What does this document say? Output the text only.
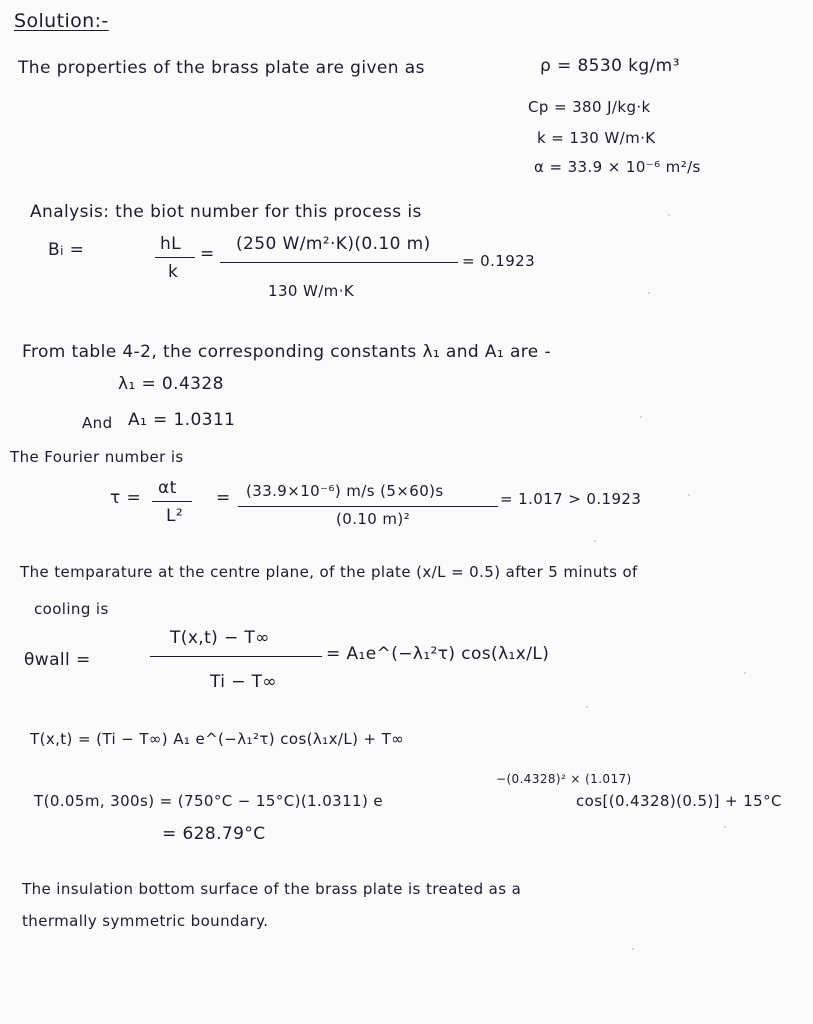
Solution:-
The properties of the brass plate are given as	ρ = 8530 kg/m³
Cp = 380 J/kg·k
k = 130 W/m·K
α = 33.9 × 10⁻⁶ m²/s
Analysis: the biot number for this process is
Bi =	hL
k
= (250 W/m²·K)(0.10 m)
130 W/m·K
= 0.1923
From table 4-2, the corresponding constants λ₁ and A₁ are -
λ₁ = 0.4328
And A₁ = 1.0311
The Fourier number is
τ = αt
L²
= (33.9×10⁻⁶) m/s (5×60)s
(0.10 m)²
= 1.017 > 0.1923
The temparature at the centre plane, of the plate (x/L = 0.5) after 5 minuts of
cooling is
θwall =
T(x,t) − T∞
Ti − T∞
= A₁e^(−λ₁²τ) cos(λ₁x/L)
T(x,t) = (Ti − T∞) A₁ e^(−λ₁²τ) cos(λ₁x/L) + T∞
T(0.05m, 300s) = (750°C − 15°C)(1.0311) e
−(0.4328)² × (1.017)
cos[(0.4328)(0.5)] + 15°C
= 628.79°C
The insulation bottom surface of the brass plate is treated as a
thermally symmetric boundary.
